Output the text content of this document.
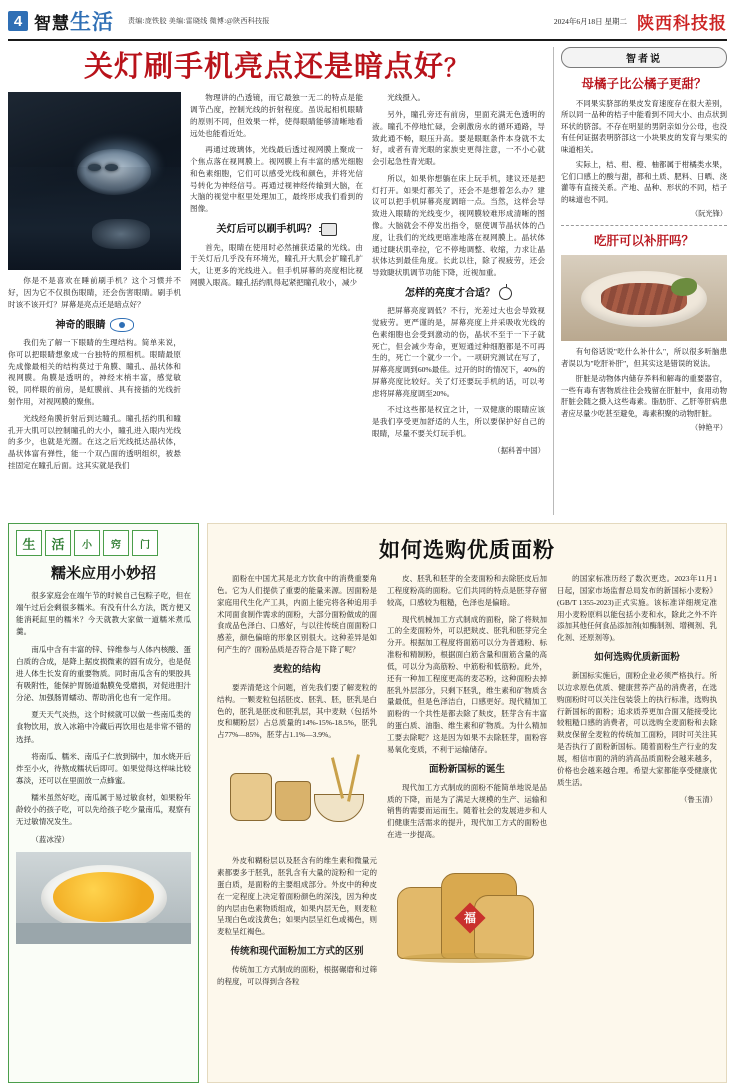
4 智慧生活 责编:庞铁胶 美编:雷晓线 微博:@陕西科技报	2024年6月18日 星期二 陕西科技报
关灯刷手机亮点还是暗点好？

你是不是喜欢在睡前刷手机？这个习惯并不好，因为它不仅损伤眼睛，还会伤害眼睛。刷手机时该不该开灯？屏幕是亮点还是暗点好？

神奇的眼睛

我们先了解一下眼睛的生理结构。简单来说，你可以把眼睛想象成一台独特的照相机。眼睛最原先成像最相关的结构莫过于角膜、瞳孔、晶状体和视网膜。角膜是透明的，神经末梢丰富，感觉敏锐，同样眼的前房，是虹膜前、具有接插的光线折射作用，对视网膜的聚焦。

光线经角膜折射后到达瞳孔。瞳孔括约肌和瞳孔开大肌可以控制瞳孔的大小，瞳孔进入眼内光线的多少，也就是光圈。在这之后光线抵达晶状体，晶状体富有弹性，能一个双凸面的透明组织，被悬挂固定在瞳孔后面。这其实就是我们

物理讲的凸透镜，而它最独一无二的特点是能调节凸度，控制光线的折射程度。虽说起相机眼睛的原则不同，但效果一样，使得眼睛能够清晰地看远处也能看近处。

再通过玻璃体，光线最后透过视网膜上聚成一个焦点落在视网膜上。视网膜上有丰富的感光细胞和色素细胞，它们可以感受光线和颜色，并将光信号转化为神经信号。再通过视神经传输到大脑，在大脑的视觉中枢里处理加工，最终形成我们看到的图像。

关灯后可以刷手机吗？

首先，眼睛在使用时必然捕获适量的光线。由于关灯后几乎没有环境光，瞳孔开大肌会扩瞳孔扩大，让更多的光线进入。但手机屏幕的亮度相比视网膜入眼高。瞳孔括约肌得起紧把瞳孔收小，减少

光线摄入。

另外，瞳孔旁还有前房，里面充满无色透明的液。瞳孔不停地忙碌，会刺激房水的循环通路，导致此通不畅，眼压升高。要是眼眶条件本身就不太好，或者有青光眼的家族史更得注意，一不小心就会引起急性青光眼。

所以，如果你想躺在床上玩手机，建议还是把灯打开。如果灯都关了，还会不是想着怎么办？建议可以把手机屏幕亮度调暗一点。当然，这样会导致进入眼睛的光线变少，视网膜较难形成清晰的图像。大脑就会不停发出指令，驱使调节晶状体的凸度，让我们的光线更暗准地落在视网膜上。晶状体通过睫状肌牵拉，它不停地调整、收缩，力求让晶状体达到最佳角度。长此以往，除了视疲劳，还会导致睫状肌调节功能下降，近视加重。

怎样的亮度才合适？

把屏幕亮度调低？不行，光差过大也会导致视觉疲劳。更严谨的是，屏幕亮度上并采吸收光线的色素细胞也会受到激动的伤，晶状不至于一下子就死亡，但会减少寿命，更短通过种细胞都是不可再生的，死亡一个就少一个。一项研究测试在写了，屏幕亮度调到60%最佳。过开的时的情况下，40%的屏幕亮度比较好。关了灯还要玩手机的话，可以考虑将屏幕亮度调至20%。

不过这些都是权宜之计，一双健康的眼睛应该是我们享受更加舒适的人生，所以要保护好自己的眼睛，尽量不要关灯玩手机。

（据科普中国）

智者说
母橘子比公橘子更甜？

不同果实脐部的果皮发育速度存在很大差别，所以同一品种的桔子中能看到不同大小、由点状到环状的脐部。不存在明显的男阴亲如分公母，也没有任何证据表明脐部这一小块果皮的发育与果实的味道相关。

实际上，桔、柑、橙、柚都属于柑橘类水果，它们口感上的酸与甜，都和土质、肥料、日晒、浇灌等有直接关系。产地、品种、形状的不同，桔子的味道也不同。

（阮光锋）
吃肝可以补肝吗？

有句俗话说"吃什么补什么"，所以很多听脑患者误以为"吃肝补肝"，但其实这是错误的说法。

肝脏是动物体内储存养料和解毒的重要器官，一些有毒有害物质往往会残留在肝脏中，食用动物肝脏会随之摄入这些毒素。脂肪肝、乙肝等肝病患者应尽量少吃甚至避免，毒素积聚的动物肝脏。

（钟艳平）
生	活	小	窍	门
糯米应用小妙招

很多家庭会在端午节的时候自己包粽子吃，但在端午过后会剩很多糯米。有没有什么方法，既方便又能消耗缸里的糯米？今天就教大家做一道糯米煮瓜羹。

南瓜中含有丰富的锌、锌维参与人体内核酸、蛋白质的合成，是降上据皮损微素的固有成分，也是促进人体生长发育的重要物质。同时南瓜含有的果胶具有吸附性，能保护胃肠道黏膜免受磨损，对促进胆汁分泌、加强肠胃蠕动、帮助消化也有一定作用。

夏天天气炎热，这个时候就可以做一些南瓜类的食物饮用，放入冰箱中冷藏后再饮用也是非常不错的选择。

将南瓜、糯米、南瓜子仁放到锅中，加水烧开后炸至小火，待熬成糯状后即可。如果觉得这样味比较寡淡，还可以在里面放一点蜂蜜。

糯米虽然好吃，南瓜属于易过敏食材，如果粉年龄较小的孩子吃，可以先给孩子吃少量南瓜，观察有无过敏情况发生。

（蓝冰滢）

如何选购优质面粉

面粉在中国尤其是北方饮食中的消费重要角色。它为人们提供了重要的能量来源。因面粉是家庭用代生化产工具，内面上能完将各种追用手术同面食制作需求的面粉，大部分面粉做成的面食成品色泽白、口感好，与以往传统自面面粉口感差，颜色偏暗的形象区别很大。这种差异是如何产生的？面粉品质是否符合是下降了呢？

麦粒的结构

要弄清楚这个问题，首先我们要了解麦粒的结构。一颗麦粒包括胚皮、胚乳、胚，胚乳是白色的，胚乳是胚皮和胚乳层，其中麦麸（包括外皮和糊粉层）占总质量的14%-15%-18.5%，胚乳占77%—85%，胚芽占1.1%—3.9%。

外皮和糊粉层以及胚含有的维生素和微量元素都要多于胚乳，胚乳含有大量的淀粉和一定的蛋白质，是面粉的主要组成部分。外皮中的种皮在一定程度上决定着面粉颜色的深浅，因为种皮的内层由色素物质组成，如果内层无色，则麦粒呈现白色或浅黄色；如果内层呈红色或褐色，则麦粒呈红褐色。

传统和现代面粉加工方式的区别

传统加工方式制成的面粉，根据碾磨和过筛的程度，可以得到含各粒

皮、胚乳和胚芽的全麦面粉和去除胚皮后加工程度粉高的面粉。它们共同的特点是胚芽存留较高，口感较为粗糙，色泽也是偏暗。

现代机械加工方式制成的面粉，除了将麸加工的全麦面粉外，可以把麸皮、胚乳和胚芽完全分开。根据加工程度将面筋可以分为普通粉、标准粉和精制粉，根据面白筋含量和面筋含量的高低，可以分为高筋粉、中筋粉和低筋粉。此外，还有一种加工程度更高的麦芯粉，这种面粉去掉胚乳外层部分，只剩下胚乳，维生素和矿物质含量最低，但是色泽洁白，口感更好。现代精加工面粉的一个共性是都去除了麸皮，胚芽含有丰富的蛋白质、油脂、维生素和矿物质。为什么精加工要去除呢？这是因为如果不去除胚芽，面粉容易氧化变质，不利于运输储存。

面粉新国标的诞生

现代加工方式制成的面粉不能简单地说是品质的下降，而是为了满足大规模的生产、运输和销售的需要而运而生。随着社会的发展进步和人们健康生活需求的提升，现代加工方式的面粉也在进一步提高。

福

的国家标准历经了数次更迭。2023年11月1日起，国家市场监督总局发布的新国标小麦粉》(GB/T 1355-2023)正式实施。该标准详细规定准用小麦粉原料以能包括小麦和水，除此之外不许添加其他任何食品添加剂(如酶制剂、增稠剂、乳化剂、还原剂等)。

如何选购优质新面粉

新国标实施后，面粉企业必须严格执行。所以边求原色优质、健康营养产品的消费者，在选购面粉时可以关注包装袋上的执行标准，选购执行新国标的面粉；追求质养更加合面又能接受比较粗糙口感的消费者，可以选购全麦面粉和去除麸皮保留全麦粒的传统加工面粉，同时可关注其是否执行了面粉新国标。随着面粉生产行业的发展，相信市面的消的消高品质面粉会越来越多，价格也会越来越合理。希望大家都能享受健康优质生活。

（鲁玉清）
